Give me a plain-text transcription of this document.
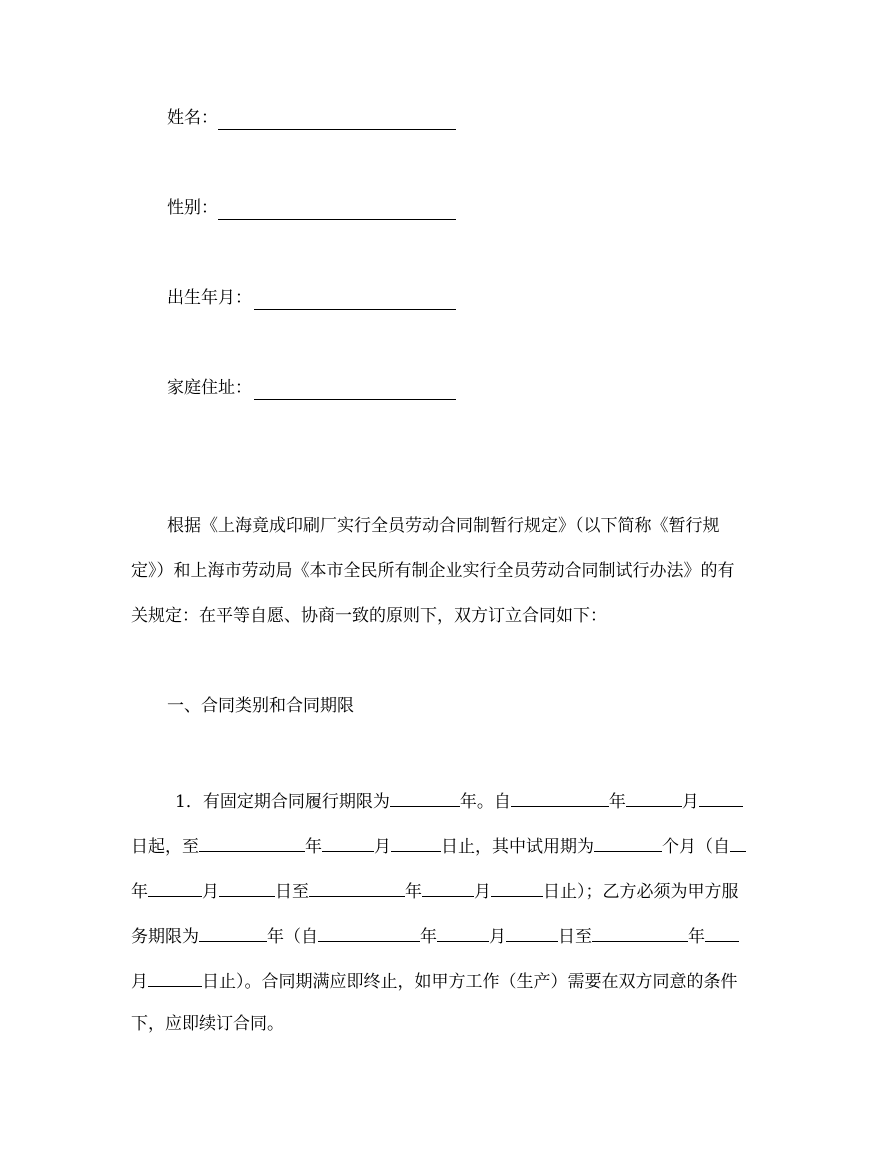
姓名：
性别：
出生年月：
家庭住址：
根据《上海竟成印刷厂实行全员劳动合同制暂行规定》（以下简称《暂行规
定》）和上海市劳动局《本市全民所有制企业实行全员劳动合同制试行办法》的有
关规定：在平等自愿、协商一致的原则下，双方订立合同如下：
一、合同类别和合同期限
1．有固定期合同履行期限为	年。自	年	月
日起，至	年	月	日止，其中试用期为	个月（自
年	月	日至	年	月	日止）；乙方必须为甲方服
务期限为	年（自	年	月	日至	年
月	日止）。合同期满应即终止，如甲方工作（生产）需要在双方同意的条件
下，应即续订合同。
